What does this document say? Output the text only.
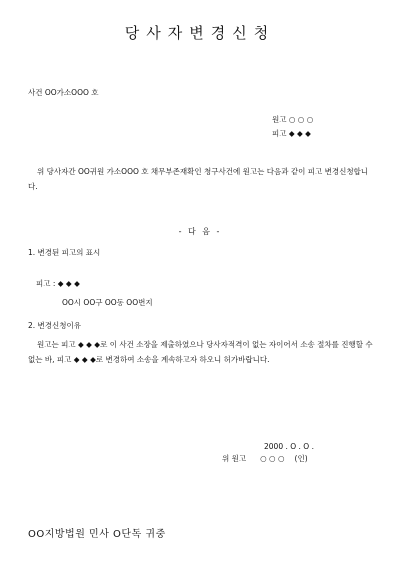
당사자변경신청
사건 OO가소OOO 호
원고 ○ ○ ○
피고 ◆ ◆ ◆
위 당사자간 OO귀원 가소OOO 호 채무부존재확인 청구사건에 원고는 다음과 같이 피고 변경신청합니다.
- 다 음 -
1. 변경된 피고의 표시
피고 : ◆ ◆ ◆
OO시 OO구 OO동 OO번지
2. 변경신청이유
원고는 피고 ◆ ◆ ◆로 이 사건 소장을 제출하였으나 당사자적격이 없는 자이어서 소송 절차를 진행할 수 없는 바, 피고 ◆ ◆ ◆로 변경하여 소송을 계속하고자 하오니 허가바랍니다.
2000 . O . O .
위 원고 ○ ○ ○ (인)
OO지방법원 민사 O단독 귀중
